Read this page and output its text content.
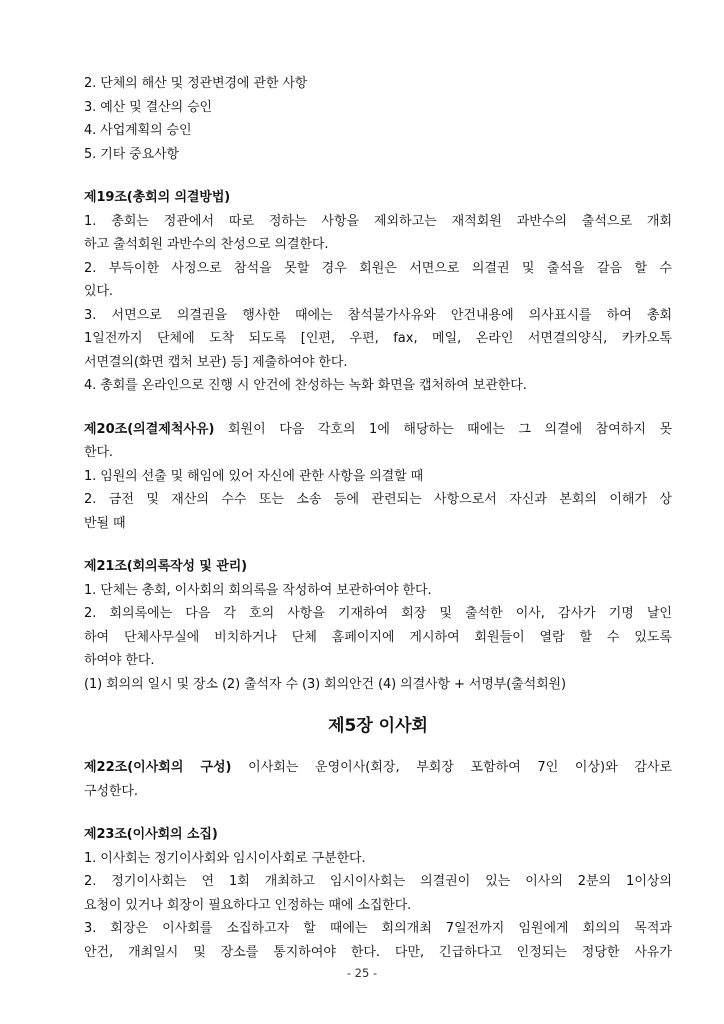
2. 단체의 해산 및 정관변경에 관한 사항
3. 예산 및 결산의 승인
4. 사업계획의 승인
5. 기타 중요사항
제19조(총회의 의결방법)
1. 총회는 정관에서 따로 정하는 사항을 제외하고는 재적회원 과반수의 출석으로 개회
하고 출석회원 과반수의 찬성으로 의결한다.
2. 부득이한 사정으로 참석을 못할 경우 회원은 서면으로 의결권 및 출석을 갈음 할 수
있다.
3. 서면으로 의결권을 행사한 때에는 참석불가사유와 안건내용에 의사표시를 하여 총회
1일전까지 단체에 도착 되도록 [인편, 우편, fax, 메일, 온라인 서면결의양식, 카카오톡
서면결의(화면 캡처 보관) 등] 제출하여야 한다.
4. 총회를 온라인으로 진행 시 안건에 찬성하는 녹화 화면을 캡처하여 보관한다.
제20조(의결제척사유) 회원이 다음 각호의 1에 해당하는 때에는 그 의결에 참여하지 못
한다.
1. 임원의 선출 및 해임에 있어 자신에 관한 사항을 의결할 때
2. 금전 및 재산의 수수 또는 소송 등에 관련되는 사항으로서 자신과 본회의 이해가 상
반될 때
제21조(회의록작성 및 관리)
1. 단체는 총회, 이사회의 회의록을 작성하여 보관하여야 한다.
2. 회의록에는 다음 각 호의 사항을 기재하여 회장 및 출석한 이사, 감사가 기명 날인
하여 단체사무실에 비치하거나 단체 홈페이지에 게시하여 회원들이 열람 할 수 있도록
하여야 한다.
(1) 회의의 일시 및 장소 (2) 출석자 수 (3) 회의안건 (4) 의결사항 + 서명부(출석회원)
제5장 이사회
제22조(이사회의 구성) 이사회는 운영이사(회장, 부회장 포함하여 7인 이상)와 감사로
구성한다.
제23조(이사회의 소집)
1. 이사회는 정기이사회와 임시이사회로 구분한다.
2. 정기이사회는 연 1회 개최하고 임시이사회는 의결권이 있는 이사의 2분의 1이상의
요청이 있거나 회장이 필요하다고 인정하는 때에 소집한다.
3. 회장은 이사회를 소집하고자 할 때에는 회의개최 7일전까지 임원에게 회의의 목적과
안건, 개최일시 및 장소를 통지하여야 한다. 다만, 긴급하다고 인정되는 정당한 사유가
- 25 -
